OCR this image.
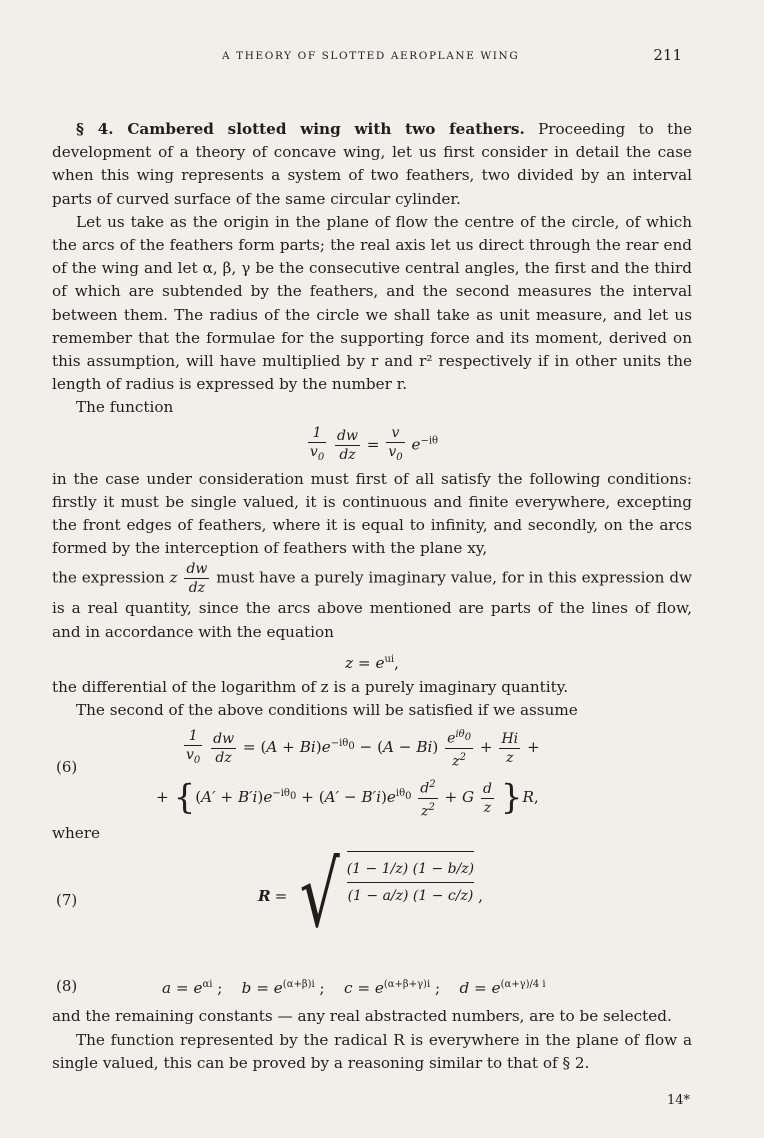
A THEORY OF SLOTTED AEROPLANE WING	211

§ 4. Cambered slotted wing with two feathers. Proceeding to the development of a theory of concave wing, let us first consider in detail the case when this wing represents a system of two feathers, two divided by an interval parts of curved surface of the same circular cylinder.

Let us take as the origin in the plane of flow the centre of the circle, of which the arcs of the feathers form parts; the real axis let us direct through the rear end of the wing and let α, β, γ be the consecutive central angles, the first and the third of which are subtended by the feathers, and the second measures the interval between them. The radius of the circle we shall take as unit measure, and let us remember that the formulae for the supporting force and its moment, derived on this assumption, will have multiplied by r and r² respectively if in other units the length of radius is expressed by the number r.

The function

$\frac{1}{v_0}$
$\frac{dw}{dz} = \frac{v}{v_0} e^{-i\theta}$

in the case under consideration must first of all satisfy the following conditions: firstly it must be single valued, it is continuous and finite everywhere, excepting the front edges of feathers, where it is equal to infinity, and secondly, on the arcs formed by the interception of feathers with the plane xy,

the expression z $\frac{dw}{dz}$ must have a purely imaginary value, for in this expression dw is a real quantity, since the arcs above mentioned are parts of the lines of flow, and in accordance with the equation

$z = e^{ui}$,

the differential of the logarithm of z is a purely imaginary quantity.

The second of the above conditions will be satisfied if we assume

(6)	$\frac{1}{v_0}$
$\frac{dw}{dz} = (A + Bi)e^{-i\theta_0} - (A - Bi) \frac{e^{i\theta_0}}{z^2} + \frac{Hi}{z}$ +
+ $\{(A' + B'i)e^{-i\theta_0} + (A' - B'i)e^{i\theta_0} \frac{d^2}{z^2} + G \frac{d}{z} \}R$,

where

(7)	R = √ (1 − 1/z) (1 − b/z)
(1 − a/z) (1 − c/z) ,
(8)	$a = e^{\alpha i}$ ;    $b = e^{(\alpha+\beta)i}$ ;    $c = e^{(\alpha+\beta+\gamma)i}$ ;    $d = e^{(\alpha+\gamma)/4 i}$

and the remaining constants — any real abstracted numbers, are to be selected.

The function represented by the radical R is everywhere in the plane of flow a single valued, this can be proved by a reasoning similar to that of § 2.

14*
